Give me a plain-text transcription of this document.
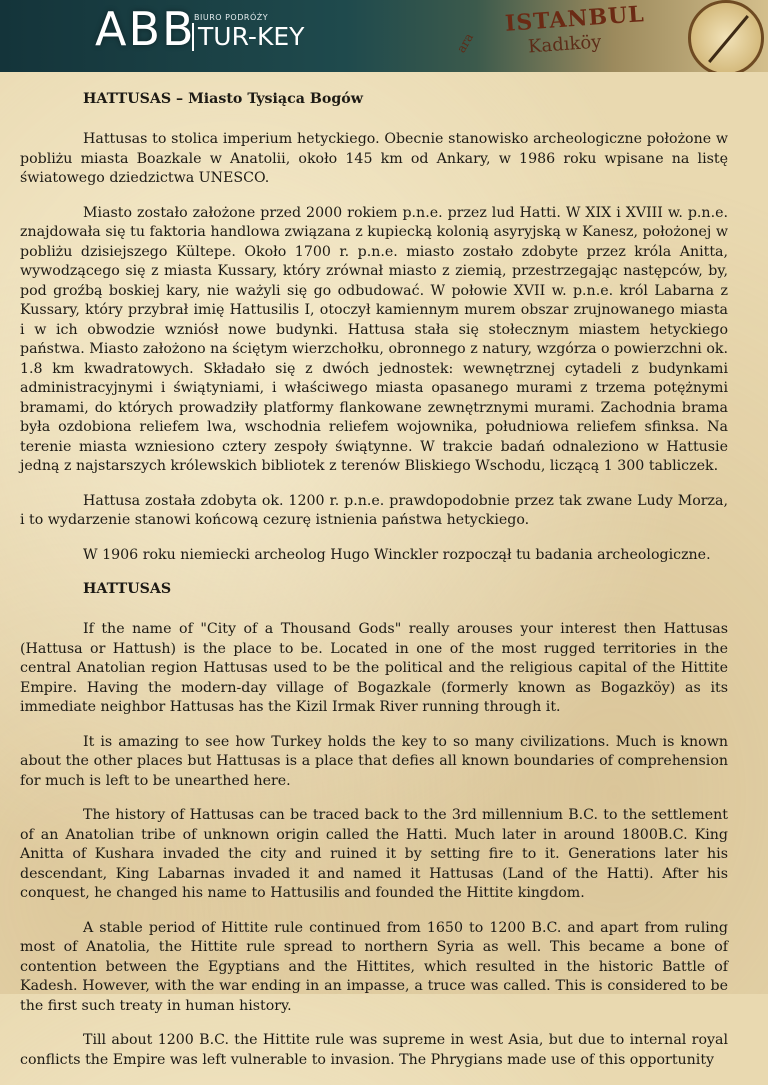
ABB
BIURO PODRÓŻY
TUR-KEY	ara
ISTANBUL
Kadıköy
HATTUSAS – Miasto Tysiąca Bogów

Hattusas to stolica imperium hetyckiego. Obecnie stanowisko archeologiczne położone w pobliżu miasta Boazkale w Anatolii, około 145 km od Ankary, w 1986 roku wpisane na listę światowego dziedzictwa UNESCO.

Miasto zostało założone przed 2000 rokiem p.n.e. przez lud Hatti. W XIX i XVIII w. p.n.e. znajdowała się tu faktoria handlowa związana z kupiecką kolonią asyryjską w Kanesz, położonej w pobliżu dzisiejszego Kültepe. Około 1700 r. p.n.e. miasto zostało zdobyte przez króla Anitta, wywodzącego się z miasta Kussary, który zrównał miasto z ziemią, przestrzegając następców, by, pod groźbą boskiej kary, nie ważyli się go odbudować. W połowie XVII w. p.n.e. król Labarna z Kussary, który przybrał imię Hattusilis I, otoczył kamiennym murem obszar zrujnowanego miasta i w ich obwodzie wzniósł nowe budynki. Hattusa stała się stołecznym miastem hetyckiego państwa. Miasto założono na ściętym wierzchołku, obronnego z natury, wzgórza o powierzchni ok. 1.8 km kwadratowych. Składało się z dwóch jednostek: wewnętrznej cytadeli z budynkami administracyjnymi i świątyniami, i właściwego miasta opasanego murami z trzema potężnymi bramami, do których prowadziły platformy flankowane zewnętrznymi murami. Zachodnia brama była ozdobiona reliefem lwa, wschodnia reliefem wojownika, południowa reliefem sfinksa. Na terenie miasta wzniesiono cztery zespoły świątynne. W trakcie badań odnaleziono w Hattusie jedną z najstarszych królewskich bibliotek z terenów Bliskiego Wschodu, liczącą 1 300 tabliczek.

Hattusa została zdobyta ok. 1200 r. p.n.e. prawdopodobnie przez tak zwane Ludy Morza, i to wydarzenie stanowi końcową cezurę istnienia państwa hetyckiego.

W 1906 roku niemiecki archeolog Hugo Winckler rozpoczął tu badania archeologiczne.

HATTUSAS

If the name of "City of a Thousand Gods" really arouses your interest then Hattusas (Hattusa or Hattush) is the place to be. Located in one of the most rugged territories in the central Anatolian region Hattusas used to be the political and the religious capital of the Hittite Empire. Having the modern-day village of Bogazkale (formerly known as Bogazköy) as its immediate neighbor Hattusas has the Kizil Irmak River running through it.

It is amazing to see how Turkey holds the key to so many civilizations. Much is known about the other places but Hattusas is a place that defies all known boundaries of comprehension for much is left to be unearthed here.

The history of Hattusas can be traced back to the 3rd millennium B.C. to the settlement of an Anatolian tribe of unknown origin called the Hatti. Much later in around 1800B.C. King Anitta of Kushara invaded the city and ruined it by setting fire to it. Generations later his descendant, King Labarnas invaded it and named it Hattusas (Land of the Hatti). After his conquest, he changed his name to Hattusilis and founded the Hittite kingdom.

A stable period of Hittite rule continued from 1650 to 1200 B.C. and apart from ruling most of Anatolia, the Hittite rule spread to northern Syria as well. This became a bone of contention between the Egyptians and the Hittites, which resulted in the historic Battle of Kadesh. However, with the war ending in an impasse, a truce was called. This is considered to be the first such treaty in human history.

Till about 1200 B.C. the Hittite rule was supreme in west Asia, but due to internal royal conflicts the Empire was left vulnerable to invasion. The Phrygians made use of this opportunity
